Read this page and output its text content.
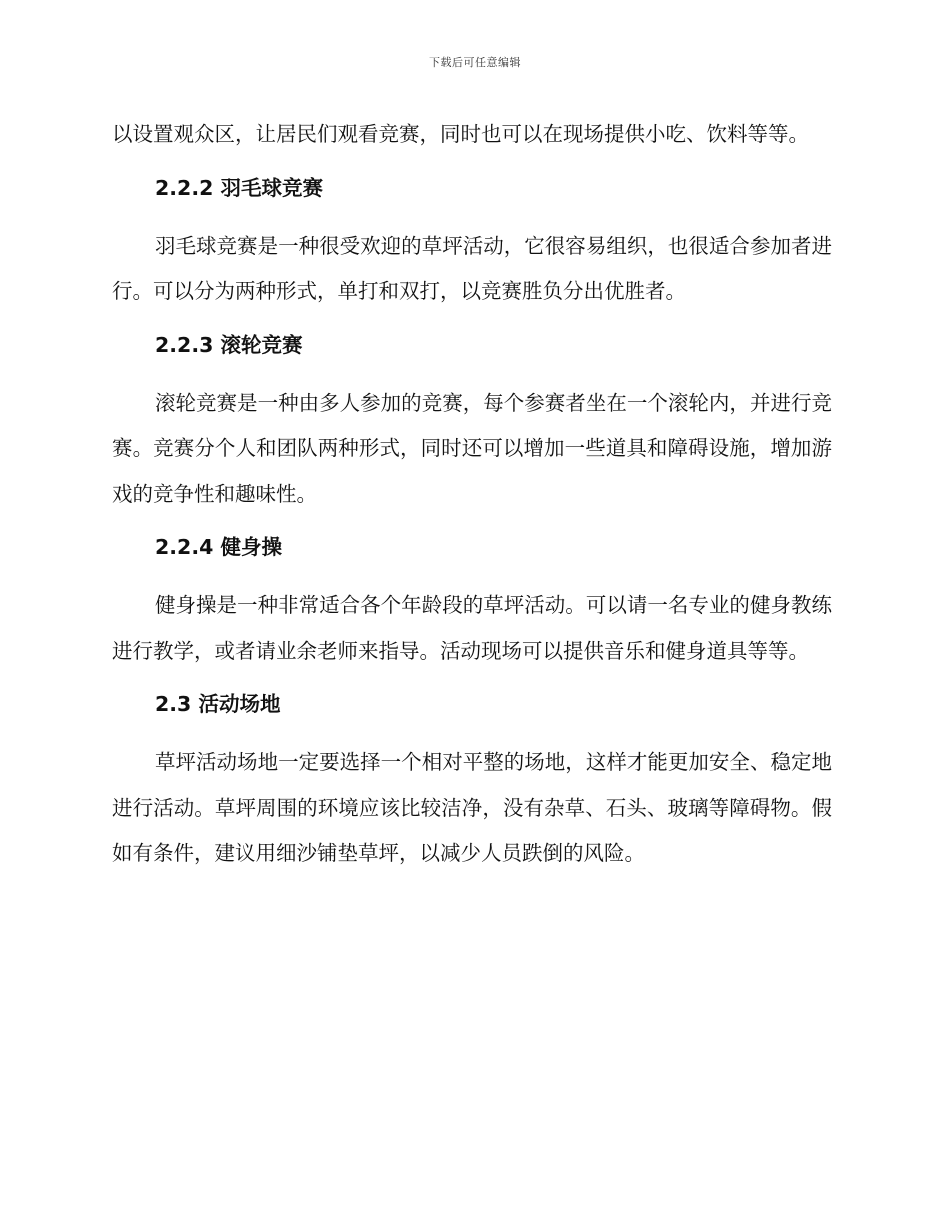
下载后可任意编辑

以设置观众区，让居民们观看竞赛，同时也可以在现场提供小吃、饮料等等。

2.2.2 羽毛球竞赛

羽毛球竞赛是一种很受欢迎的草坪活动，它很容易组织，也很适合参加者进行。可以分为两种形式，单打和双打，以竞赛胜负分出优胜者。

2.2.3 滚轮竞赛

滚轮竞赛是一种由多人参加的竞赛，每个参赛者坐在一个滚轮内，并进行竞赛。竞赛分个人和团队两种形式，同时还可以增加一些道具和障碍设施，增加游戏的竞争性和趣味性。

2.2.4 健身操

健身操是一种非常适合各个年龄段的草坪活动。可以请一名专业的健身教练进行教学，或者请业余老师来指导。活动现场可以提供音乐和健身道具等等。

2.3 活动场地

草坪活动场地一定要选择一个相对平整的场地，这样才能更加安全、稳定地进行活动。草坪周围的环境应该比较洁净，没有杂草、石头、玻璃等障碍物。假如有条件，建议用细沙铺垫草坪，以减少人员跌倒的风险。
